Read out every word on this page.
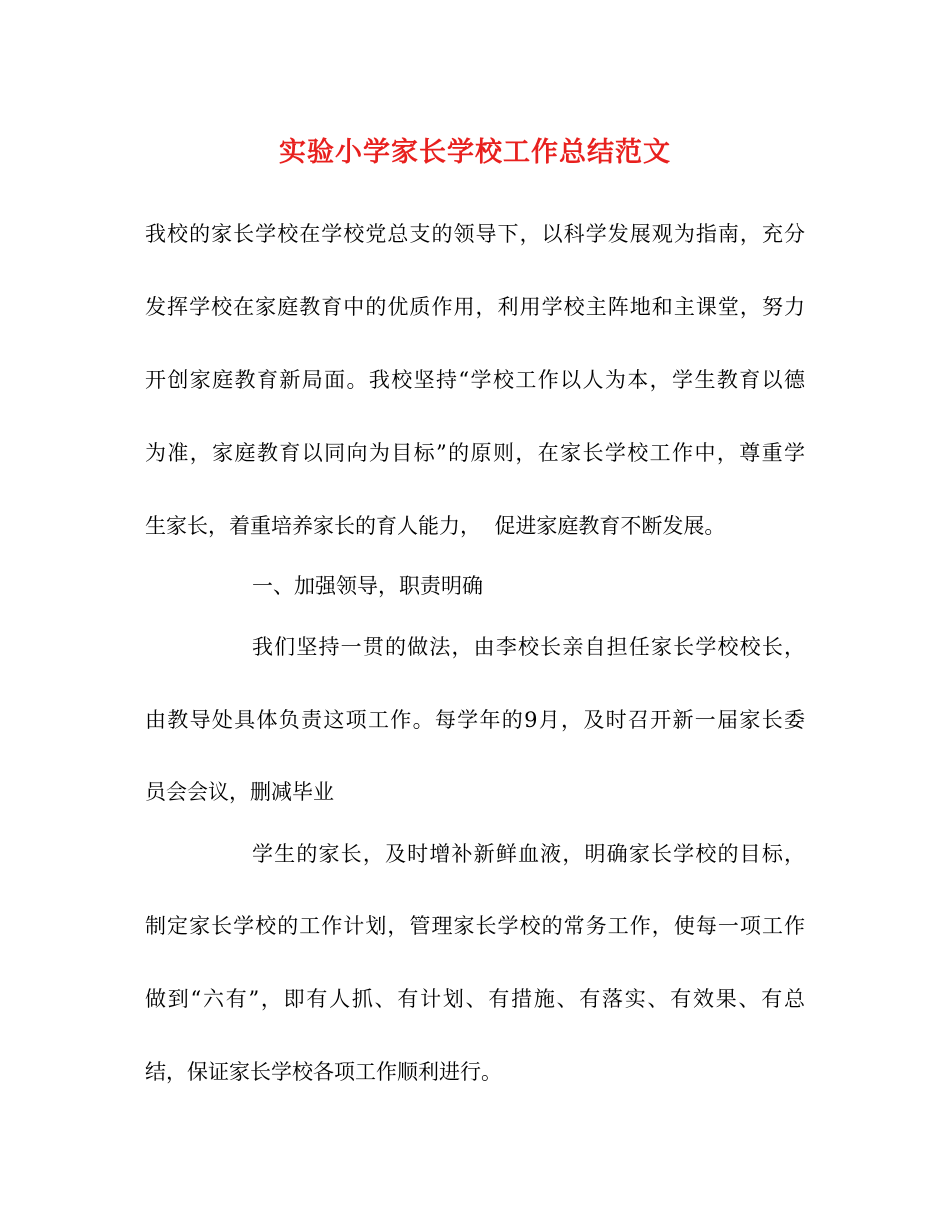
实验小学家长学校工作总结范文
我校的家长学校在学校党总支的领导下，以科学发展观为指南，充分
发挥学校在家庭教育中的优质作用，利用学校主阵地和主课堂，努力
开创家庭教育新局面。我校坚持“学校工作以人为本，学生教育以德
为准，家庭教育以同向为目标”的原则，在家长学校工作中，尊重学
生家长，着重培养家长的育人能力，  促进家庭教育不断发展。
一、加强领导，职责明确
我们坚持一贯的做法，由李校长亲自担任家长学校校长，
由教导处具体负责这项工作。每学年的9月，及时召开新一届家长委
员会会议，删减毕业
学生的家长，及时增补新鲜血液，明确家长学校的目标，
制定家长学校的工作计划，管理家长学校的常务工作，使每一项工作
做到“六有”，即有人抓、有计划、有措施、有落实、有效果、有总
结，保证家长学校各项工作顺利进行。
